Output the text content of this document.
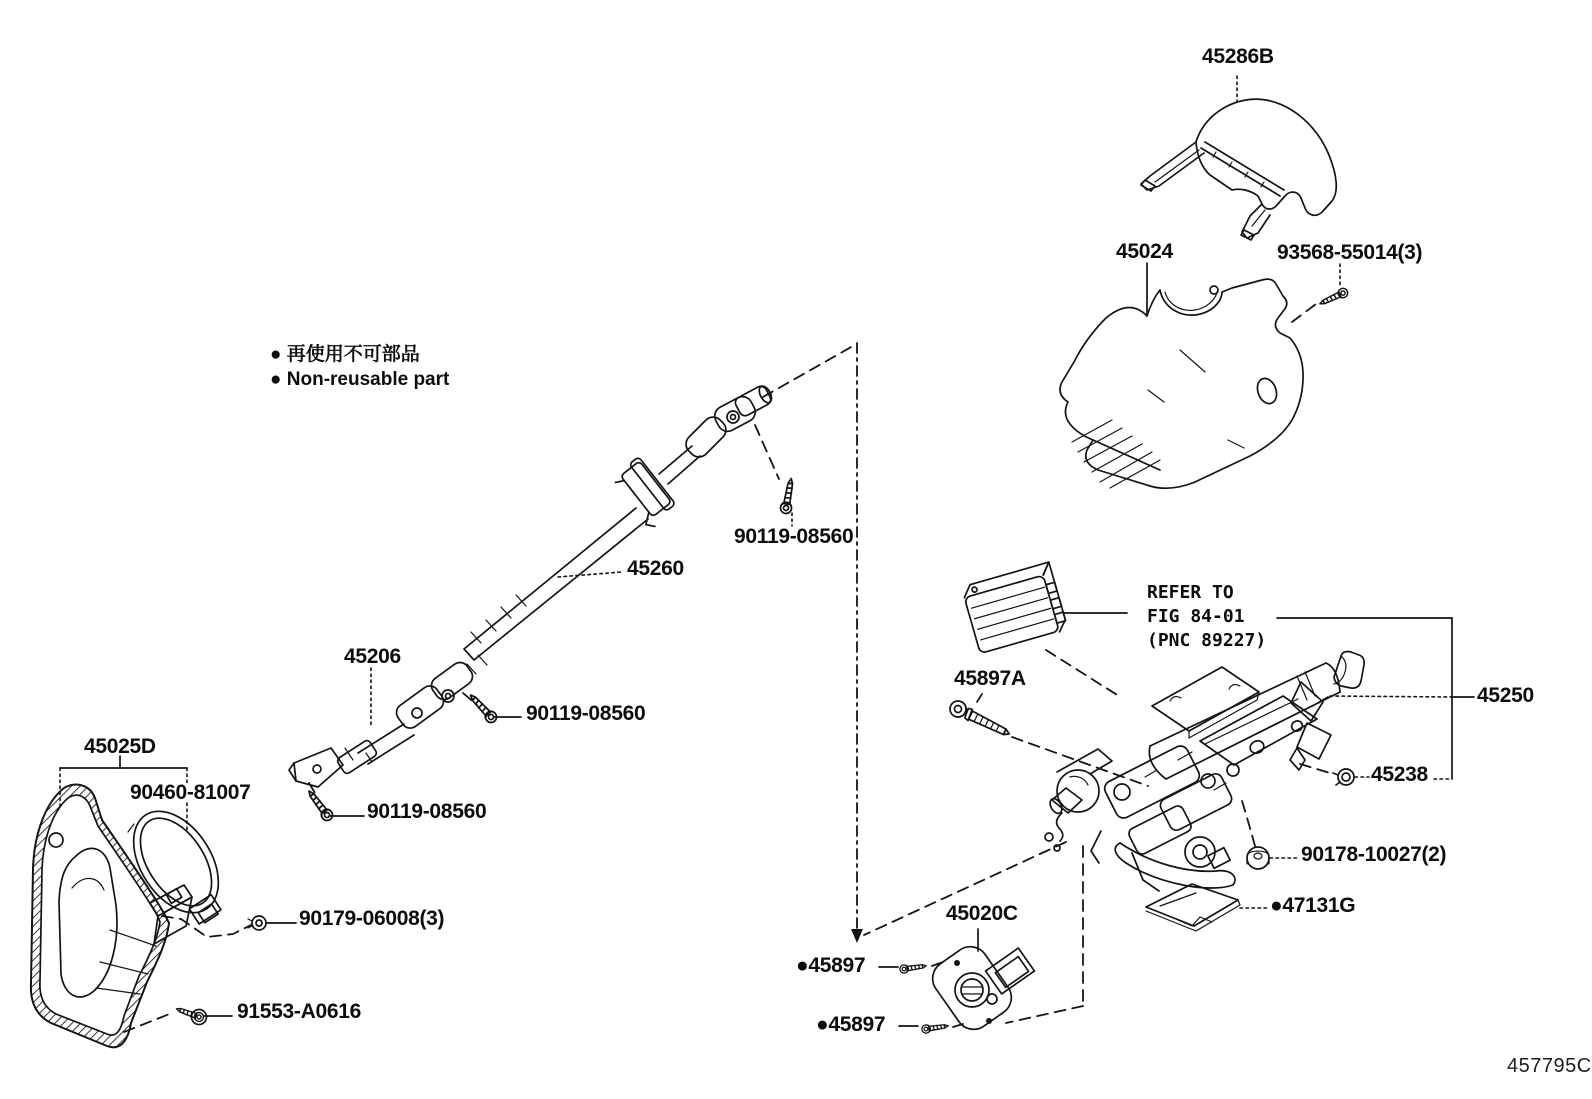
● 再使用不可部品
● Non-reusable part
45286B
45024	93568-55014(3)
90119-08560
45260
45206
90119-08560
45025D
90460-81007
90119-08560
45897A
45250
45238
90178-10027(2)
●47131G
45020C
●45897
●45897
90179-06008(3)
91553-A0616
REFER TO
FIG 84-01
(PNC 89227)
457795C
